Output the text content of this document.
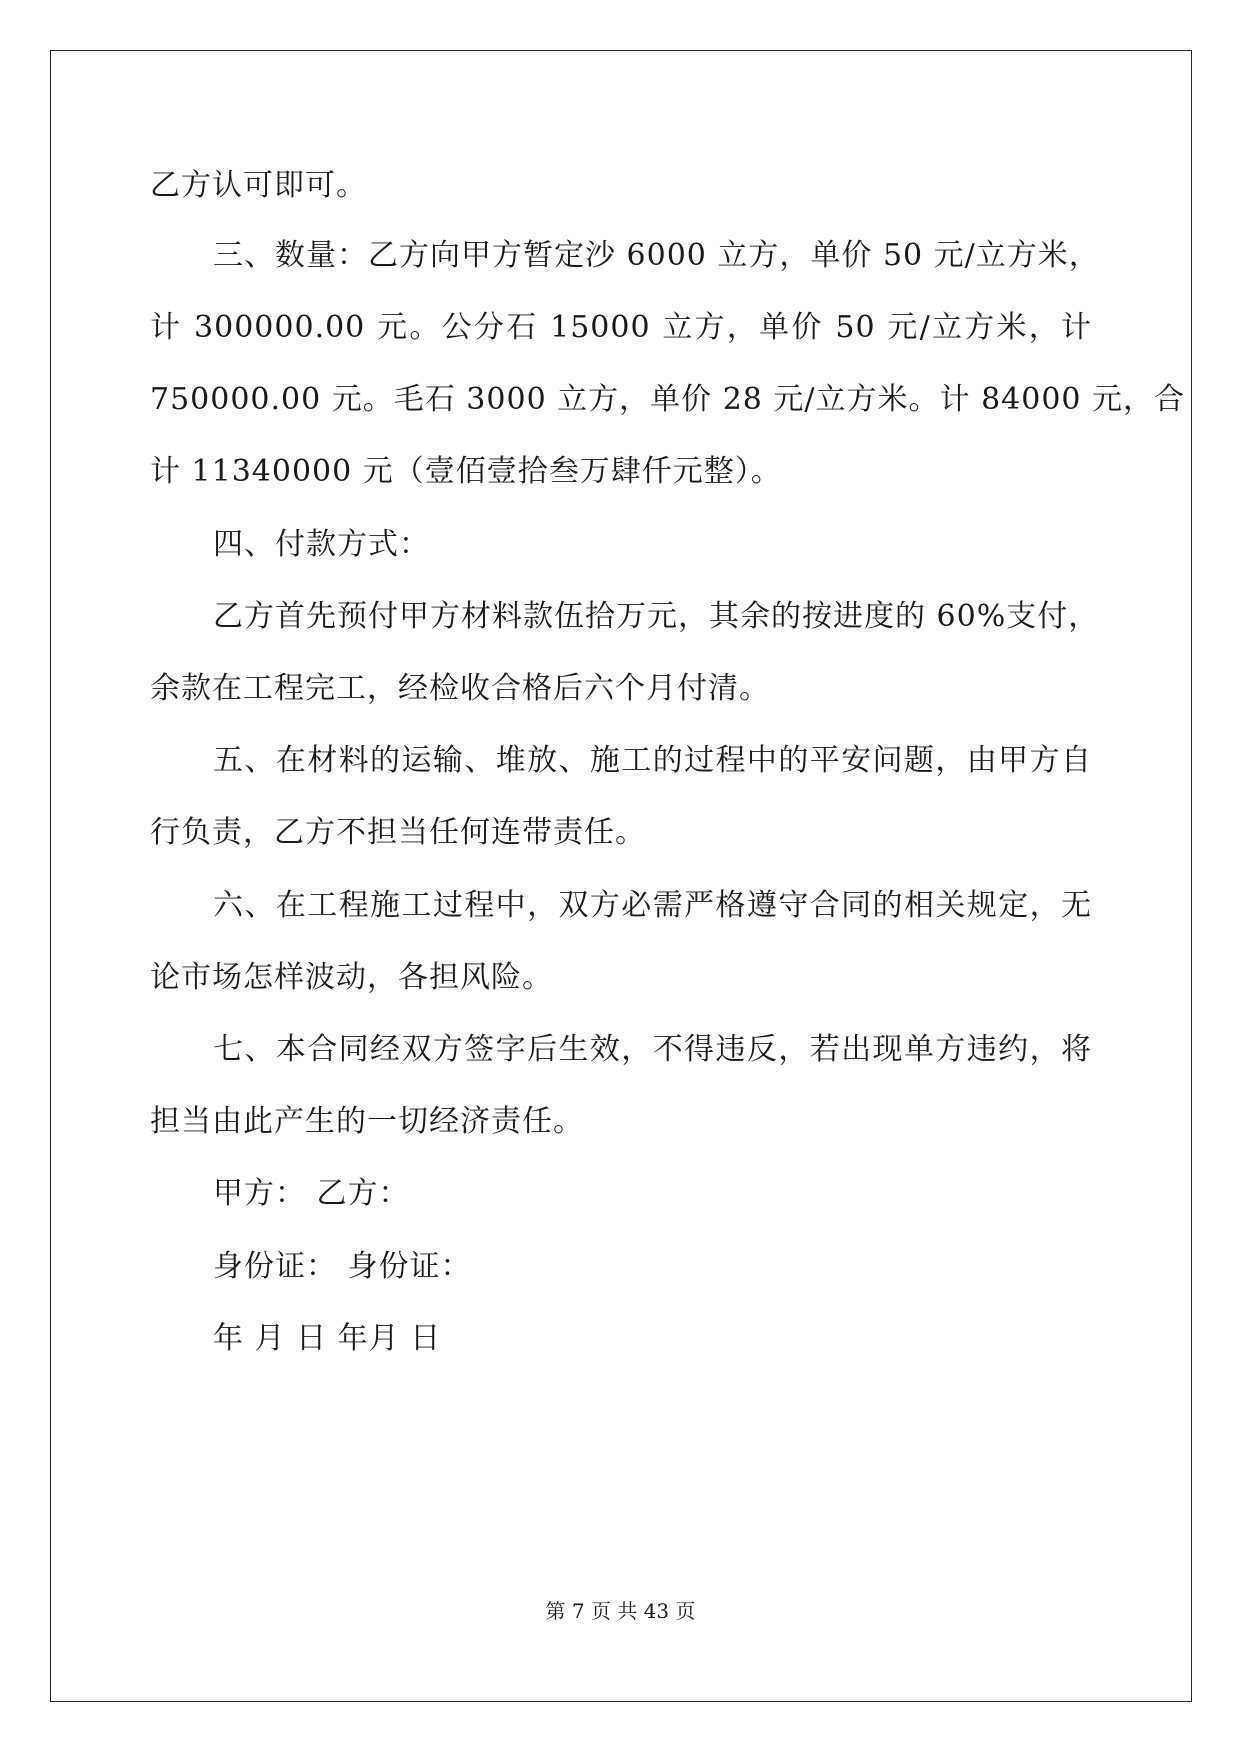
乙方认可即可。

三、数量：乙方向甲方暂定沙 6000 立方，单价 50 元/立方米，

计 300000.00 元。公分石 15000 立方，单价 50 元/立方米，计

750000.00 元。毛石 3000 立方，单价 28 元/立方米。计 84000 元，合

计 11340000 元（壹佰壹拾叁万肆仟元整）。

四、付款方式：

乙方首先预付甲方材料款伍拾万元，其余的按进度的 60%支付，

余款在工程完工，经检收合格后六个月付清。

五、在材料的运输、堆放、施工的过程中的平安问题，由甲方自

行负责，乙方不担当任何连带责任。

六、在工程施工过程中，双方必需严格遵守合同的相关规定，无

论市场怎样波动，各担风险。

七、本合同经双方签字后生效，不得违反，若出现单方违约，将

担当由此产生的一切经济责任。

甲方： 乙方：

身份证： 身份证：

年 月 日 年月 日

第 7 页 共 43 页
